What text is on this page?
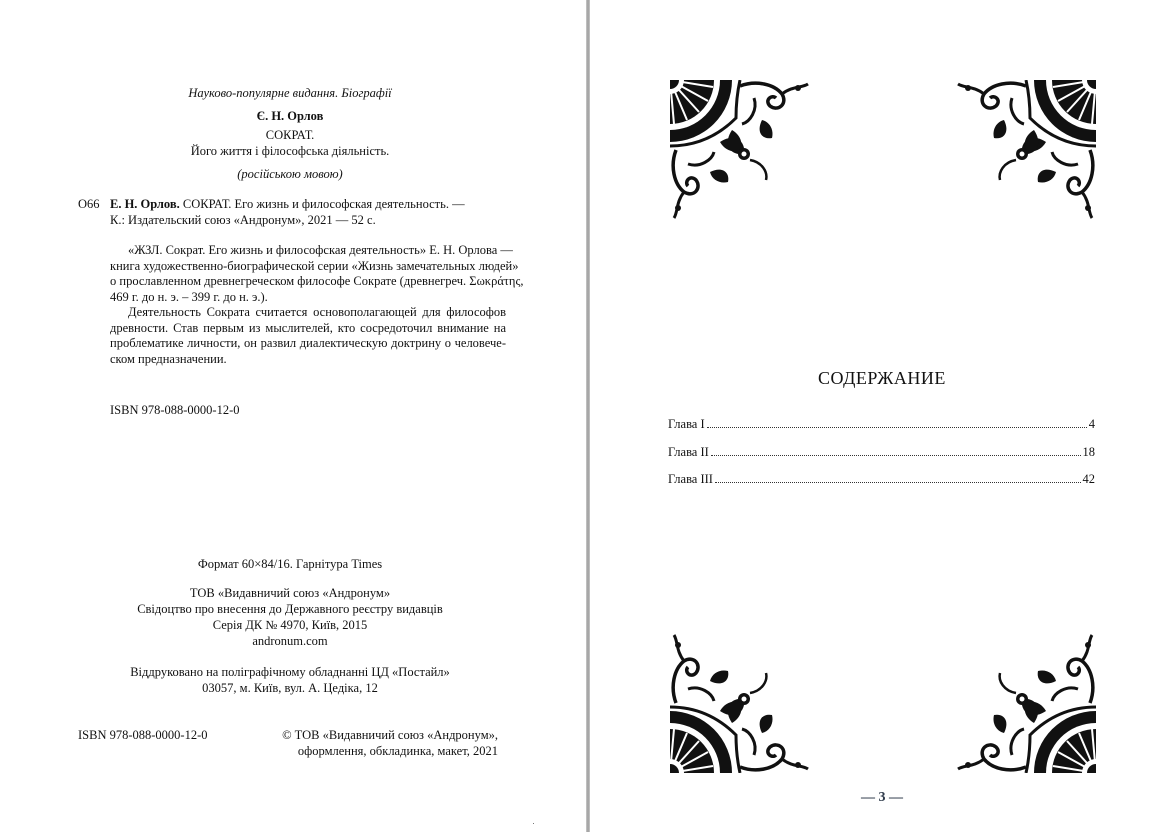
Науково-популярне видання. Біографії
Є. Н. Орлов
СОКРАТ.
Його життя і філософська діяльність.
(російською мовою)
О66 Е. Н. Орлов. СОКРАТ. Его жизнь и философская деятельность. —
К.: Издательский союз «Андронум», 2021 — 52 с.
«ЖЗЛ. Сократ. Его жизнь и философская деятельность» Е. Н. Орлова —
книга художественно-биографической серии «Жизнь замечательных людей»
о прославленном древнегреческом философе Сократе (древнегреч. Σωκράτης,
469 г. до н. э. – 399 г. до н. э.).
Деятельность Сократа считается основополагающей для философов
древности. Став первым из мыслителей, кто сосредоточил внимание на
проблематике личности, он развил диалектическую доктрину о человече-
ском предназначении.
ISBN 978-088-0000-12-0
Формат 60×84/16. Гарнітура Times
ТОВ «Видавничий союз «Андронум»
Свідоцтво про внесення до Державного реєстру видавців
Серія ДК № 4970, Київ, 2015
andronum.com
Віддруковано на поліграфічному обладнанні ЦД «Постайл»
03057, м. Київ, вул. А. Цедіка, 12
ISBN 978-088-0000-12-0	© ТОВ «Видавничий союз «Андронум»,
оформлення, обкладинка, макет, 2021
СОДЕРЖАНИЕ
Глава I	4
Глава II	18
Глава III	42
— 3 —
